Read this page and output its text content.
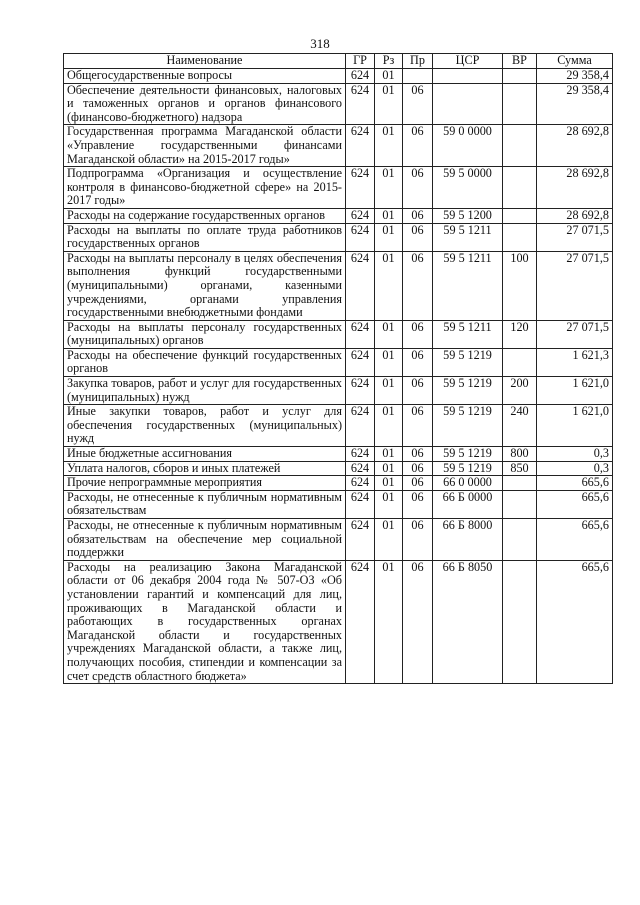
318
Наименование	ГР	Рз	Пр	ЦСР	ВР	Сумма
Общегосударственные вопросы	624	01				29 358,4
Обеспечение деятельности финансовых, налоговых и таможенных органов и органов финансового (финансово-бюджетного) надзора	624	01	06			29 358,4
Государственная программа Магаданской области «Управление государственными финансами Магаданской области» на 2015-2017 годы»	624	01	06	59 0 0000		28 692,8
Подпрограмма «Организация и осуществление контроля в финансово-бюджетной сфере» на 2015-2017 годы»	624	01	06	59 5 0000		28 692,8
Расходы на содержание государственных органов	624	01	06	59 5 1200		28 692,8
Расходы на выплаты по оплате труда работников государственных органов	624	01	06	59 5 1211		27 071,5
Расходы на выплаты персоналу в целях обеспечения выполнения функций государственными (муниципальными) органами, казенными учреждениями, органами управления государственными внебюджетными фондами	624	01	06	59 5 1211	100	27 071,5
Расходы на выплаты персоналу государственных (муниципальных) органов	624	01	06	59 5 1211	120	27 071,5
Расходы на обеспечение функций государственных органов	624	01	06	59 5 1219		1 621,3
Закупка товаров, работ и услуг для государственных (муниципальных) нужд	624	01	06	59 5 1219	200	1 621,0
Иные закупки товаров, работ и услуг для обеспечения государственных (муниципальных) нужд	624	01	06	59 5 1219	240	1 621,0
Иные бюджетные ассигнования	624	01	06	59 5 1219	800	0,3
Уплата налогов, сборов и иных платежей	624	01	06	59 5 1219	850	0,3
Прочие непрограммные мероприятия	624	01	06	66 0 0000		665,6
Расходы, не отнесенные к публичным нормативным обязательствам	624	01	06	66 Б 0000		665,6
Расходы, не отнесенные к публичным нормативным обязательствам на обеспечение мер социальной поддержки	624	01	06	66 Б 8000		665,6
Расходы на реализацию Закона Магаданской области от 06 декабря 2004 года № 507-ОЗ «Об установлении гарантий и компенсаций для лиц, проживающих в Магаданской области и работающих в государственных органах Магаданской области и государственных учреждениях Магаданской области, а также лиц, получающих пособия, стипендии и компенсации за счет средств областного бюджета»	624	01	06	66 Б 8050		665,6
